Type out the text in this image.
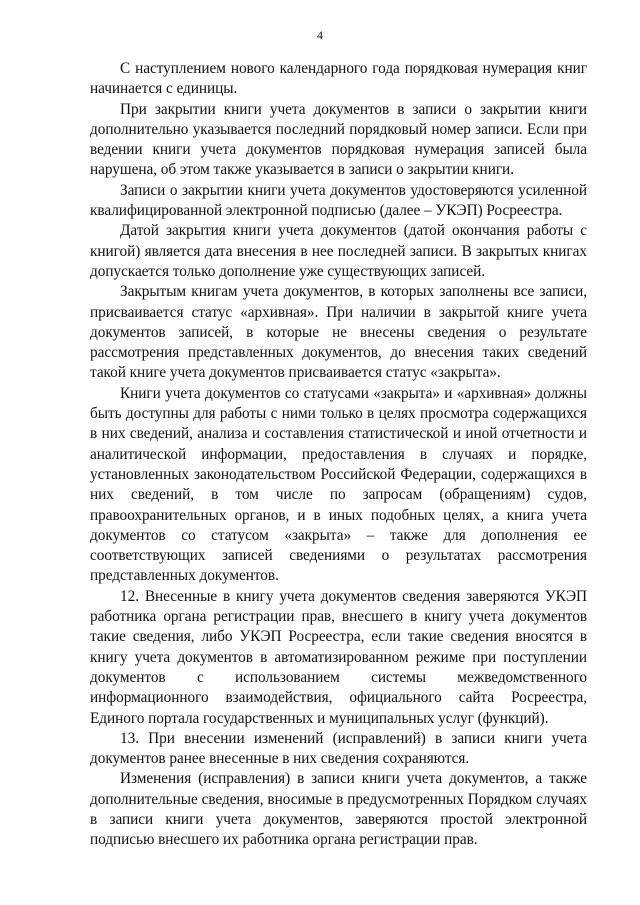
4

С наступлением нового календарного года порядковая нумерация книг начинается с единицы.

При закрытии книги учета документов в записи о закрытии книги дополнительно указывается последний порядковый номер записи. Если при ведении книги учета документов порядковая нумерация записей была нарушена, об этом также указывается в записи о закрытии книги.

Записи о закрытии книги учета документов удостоверяются усиленной квалифицированной электронной подписью (далее – УКЭП) Росреестра.

Датой закрытия книги учета документов (датой окончания работы с книгой) является дата внесения в нее последней записи. В закрытых книгах допускается только дополнение уже существующих записей.

Закрытым книгам учета документов, в которых заполнены все записи, присваивается статус «архивная». При наличии в закрытой книге учета документов записей, в которые не внесены сведения о результате рассмотрения представленных документов, до внесения таких сведений такой книге учета документов присваивается статус «закрыта».

Книги учета документов со статусами «закрыта» и «архивная» должны быть доступны для работы с ними только в целях просмотра содержащихся в них сведений, анализа и составления статистической и иной отчетности и аналитической информации, предоставления в случаях и порядке, установленных законодательством Российской Федерации, содержащихся в них сведений, в том числе по запросам (обращениям) судов, правоохранительных органов, и в иных подобных целях, а книга учета документов со статусом «закрыта» – также для дополнения ее соответствующих записей сведениями о результатах рассмотрения представленных документов.

12. Внесенные в книгу учета документов сведения заверяются УКЭП работника органа регистрации прав, внесшего в книгу учета документов такие сведения, либо УКЭП Росреестра, если такие сведения вносятся в книгу учета документов в автоматизированном режиме при поступлении документов с использованием системы межведомственного информационного взаимодействия, официального сайта Росреестра, Единого портала государственных и муниципальных услуг (функций).

13. При внесении изменений (исправлений) в записи книги учета документов ранее внесенные в них сведения сохраняются.

Изменения (исправления) в записи книги учета документов, а также дополнительные сведения, вносимые в предусмотренных Порядком случаях в записи книги учета документов, заверяются простой электронной подписью внесшего их работника органа регистрации прав.
